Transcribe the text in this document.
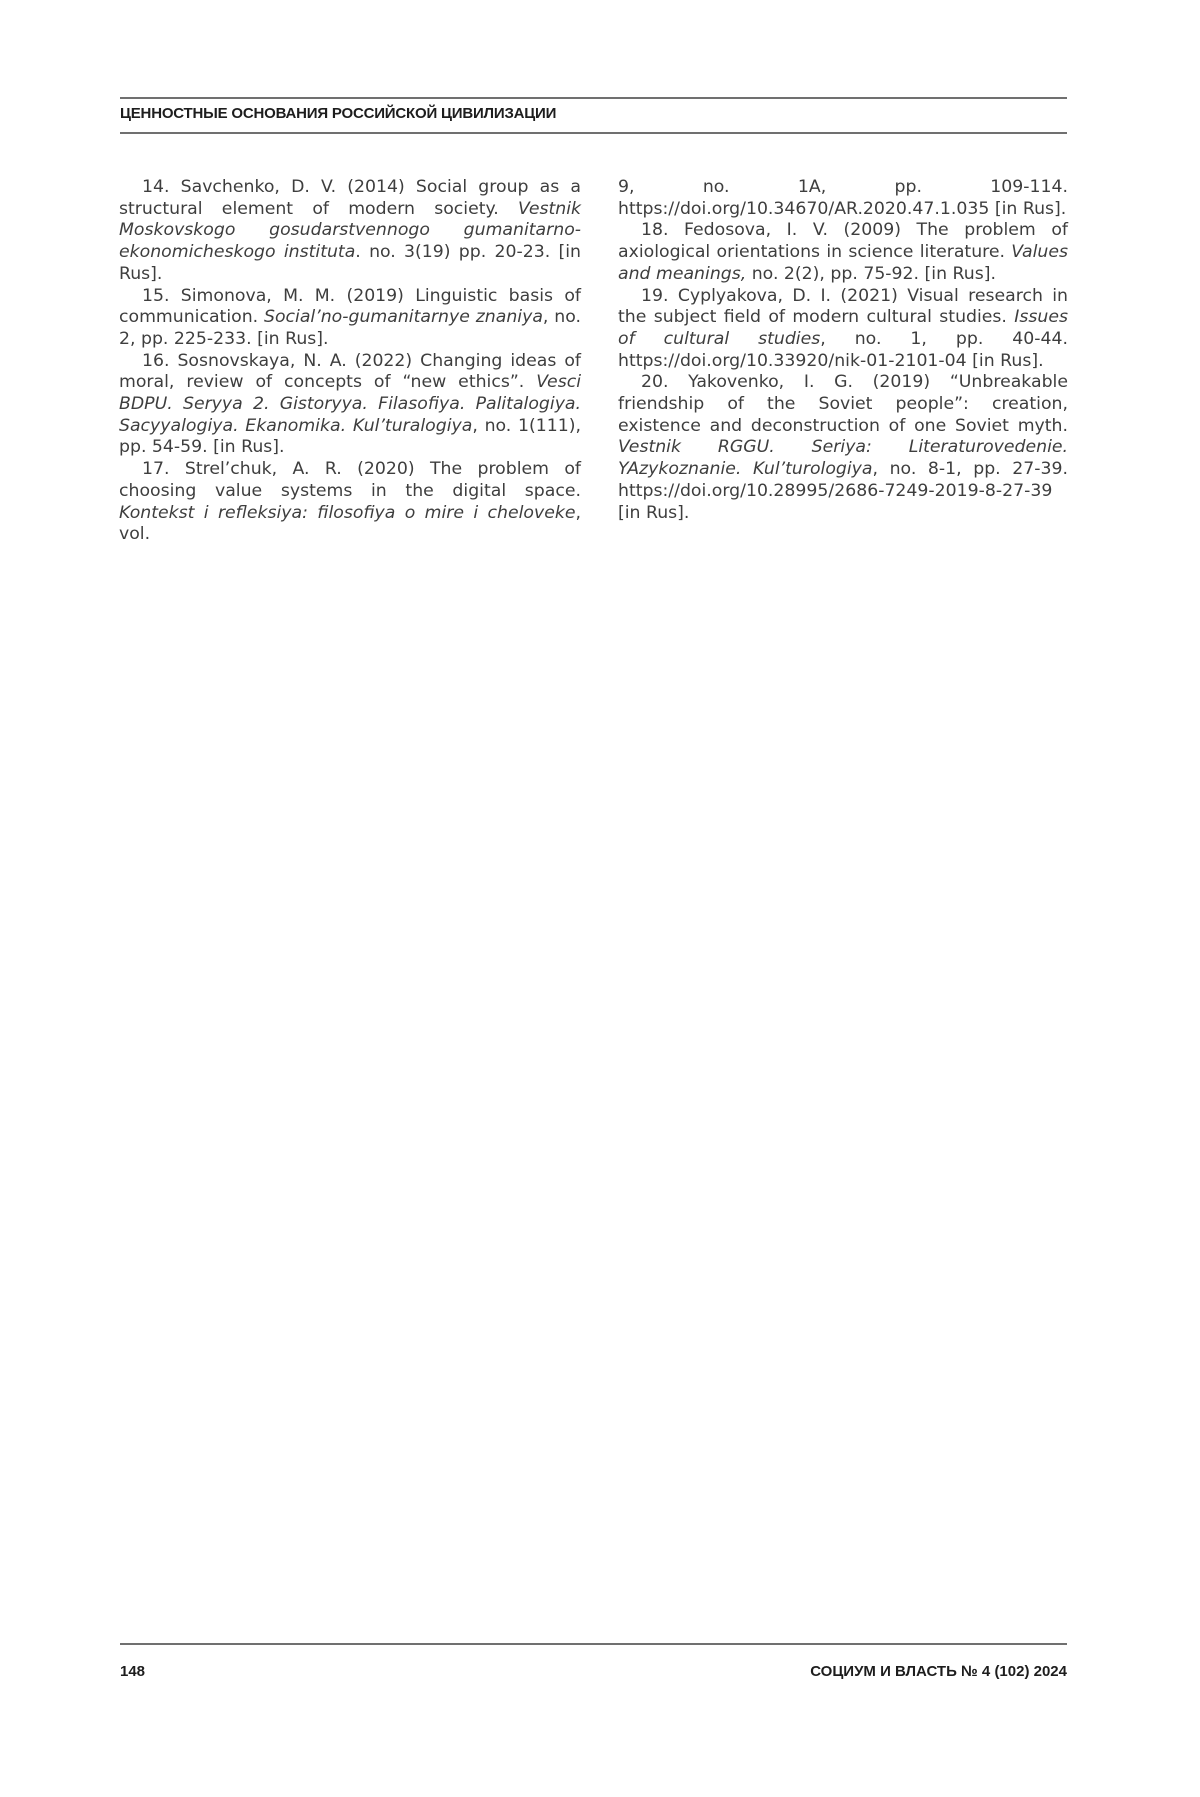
ЦЕННОСТНЫЕ ОСНОВАНИЯ РОССИЙСКОЙ ЦИВИЛИЗАЦИИ

14. Savchenko, D. V. (2014) Social group as a structural element of modern society. Vestnik Moskovskogo gosudarstvennogo gumanitarno-ekonomicheskogo instituta. no. 3(19) pp. 20-23. [in Rus].

15. Simonova, M. M. (2019) Linguistic basis of communication. Social’no-gumanitarnye znaniya, no. 2, pp. 225-233. [in Rus].

16. Sosnovskaya, N. A. (2022) Changing ideas of moral, review of concepts of “new ethics”. Vesci BDPU. Seryya 2. Gistoryya. Filasofiya. Palitalogiya. Sacyyalogiya. Ekanomika. Kul’turalogiya, no. 1(111), pp. 54-59. [in Rus].

17. Strel’chuk, A. R. (2020) The problem of choosing value systems in the digital space. Kontekst i refleksiya: filosofiya o mire i cheloveke, vol.

9, no. 1A, pp. 109-114. https://doi.org/10.34670/AR.2020.47.1.035 [in Rus].

18. Fedosova, I. V. (2009) The problem of axiological orientations in science literature. Values and meanings, no. 2(2), pp. 75-92. [in Rus].

19. Cyplyakova, D. I. (2021) Visual research in the subject field of modern cultural studies. Issues of cultural studies, no. 1, pp. 40-44. https://doi.org/10.33920/nik-01-2101-04 [in Rus].

20. Yakovenko, I. G. (2019) “Unbreakable friendship of the Soviet people”: creation, existence and deconstruction of one Soviet myth. Vestnik RGGU. Seriya: Literaturovedenie. YAzykoznanie. Kul’turologiya, no. 8-1, pp. 27-39. https://doi.org/10.28995/2686-7249-2019-8-27-39 [in Rus].

148	СОЦИУМ И ВЛАСТЬ № 4 (102) 2024
